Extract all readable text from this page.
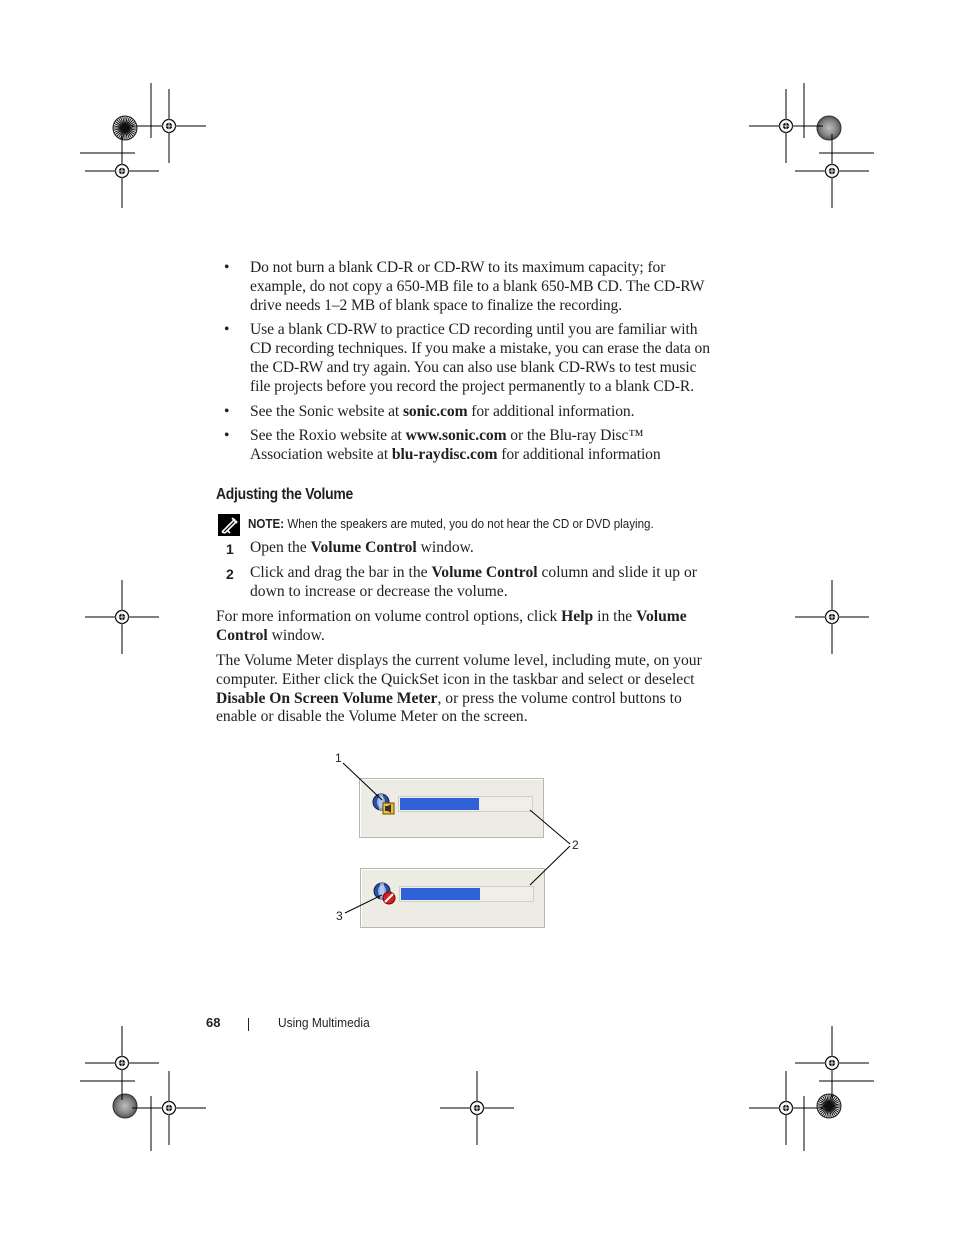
• Do not burn a blank CD-R or CD-RW to its maximum capacity; for example, do not copy a 650-MB file to a blank 650-MB CD. The CD-RW drive needs 1–2 MB of blank space to finalize the recording.
• Use a blank CD-RW to practice CD recording until you are familiar with CD recording techniques. If you make a mistake, you can erase the data on the CD-RW and try again. You can also use blank CD-RWs to test music file projects before you record the project permanently to a blank CD-R.
• See the Sonic website at sonic.com for additional information.
• See the Roxio website at www.sonic.com or the Blu-ray Disc™ Association website at blu-raydisc.com for additional information
Adjusting the Volume
NOTE: When the speakers are muted, you do not hear the CD or DVD playing.
1 Open the Volume Control window.
2 Click and drag the bar in the Volume Control column and slide it up or down to increase or decrease the volume.
For more information on volume control options, click Help in the Volume Control window.
The Volume Meter displays the current volume level, including mute, on your computer. Either click the QuickSet icon in the taskbar and select or deselect Disable On Screen Volume Meter, or press the volume control buttons to enable or disable the Volume Meter on the screen.
1
2
3
68	Using Multimedia
